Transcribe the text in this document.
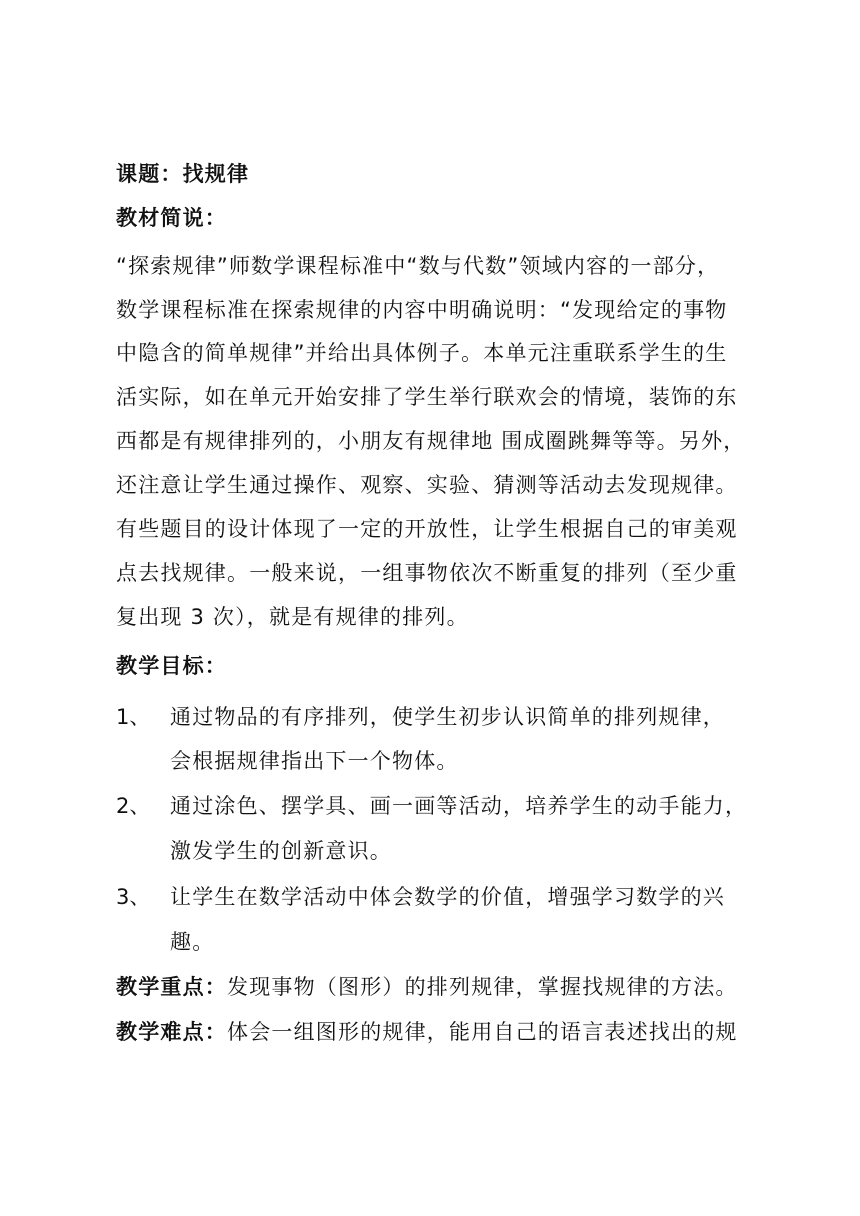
课题：找规律
教材简说：
“探索规律”师数学课程标准中“数与代数”领域内容的一部分，
数学课程标准在探索规律的内容中明确说明：“发现给定的事物
中隐含的简单规律”并给出具体例子。本单元注重联系学生的生
活实际，如在单元开始安排了学生举行联欢会的情境，装饰的东
西都是有规律排列的，小朋友有规律地 围成圈跳舞等等。另外，
还注意让学生通过操作、观察、实验、猜测等活动去发现规律。
有些题目的设计体现了一定的开放性，让学生根据自己的审美观
点去找规律。一般来说，一组事物依次不断重复的排列（至少重
复出现 3 次），就是有规律的排列。
教学目标：
1、 通过物品的有序排列，使学生初步认识简单的排列规律，
会根据规律指出下一个物体。
2、 通过涂色、摆学具、画一画等活动，培养学生的动手能力，
激发学生的创新意识。
3、 让学生在数学活动中体会数学的价值，增强学习数学的兴
趣。
教学重点：发现事物（图形）的排列规律，掌握找规律的方法。
教学难点：体会一组图形的规律，能用自己的语言表述找出的规
